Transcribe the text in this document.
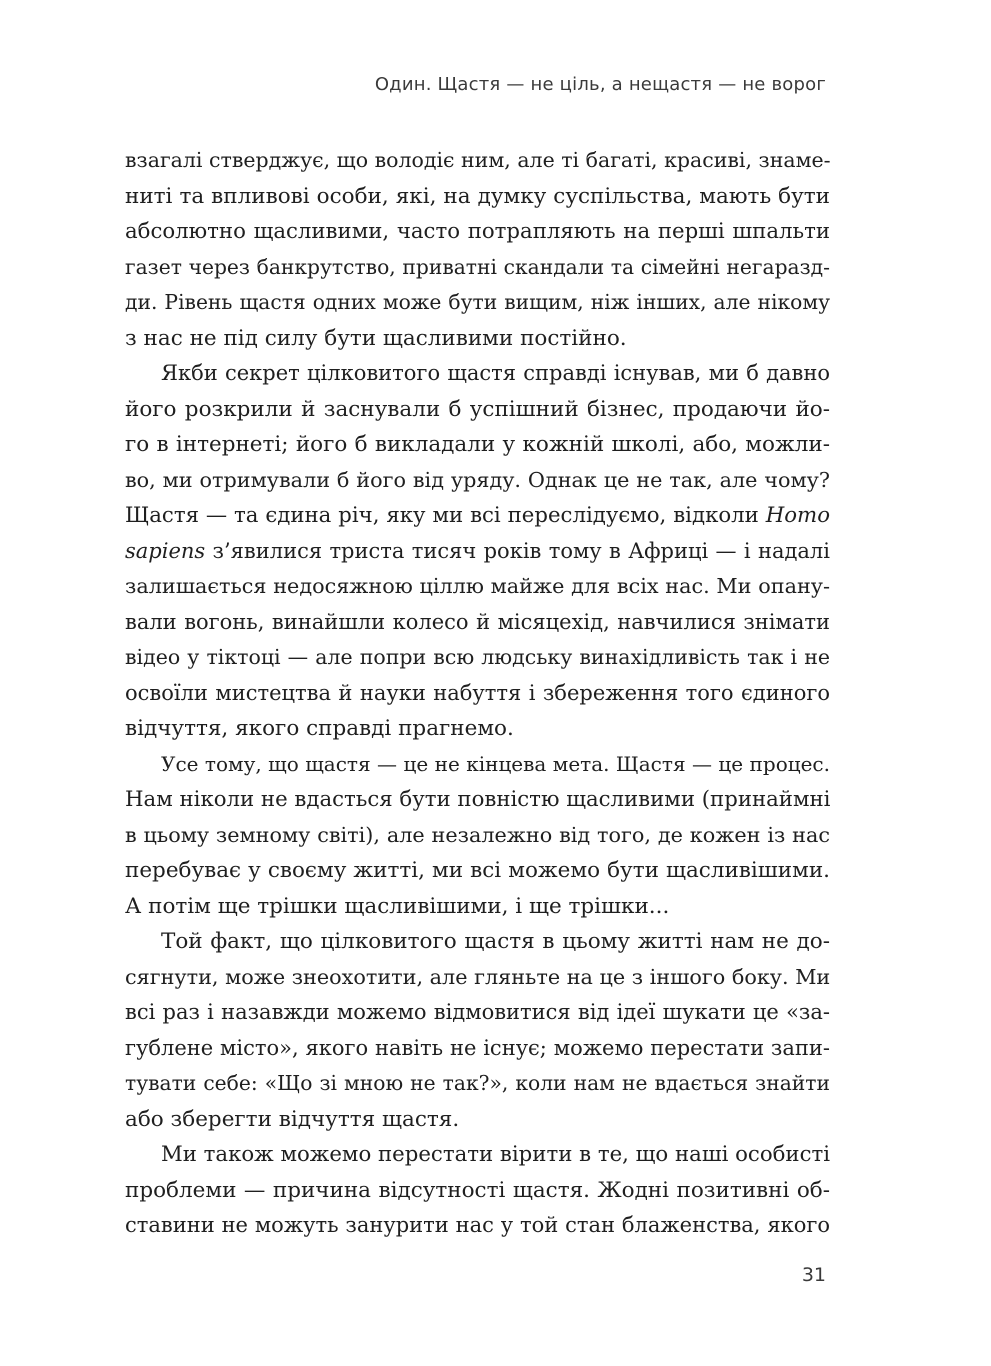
Один. Щастя — не ціль, а нещастя — не ворог
взагалі стверджує, що володіє ним, але ті багаті, красиві, знаме-
ниті та впливові особи, які, на думку суспільства, мають бути
абсолютно щасливими, часто потрапляють на перші шпальти
газет через банкрутство, приватні скандали та сімейні негаразд-
ди. Рівень щастя одних може бути вищим, ніж інших, але нікому
з нас не під силу бути щасливими постійно.
Якби секрет цілковитого щастя справді існував, ми б давно
його розкрили й заснували б успішний бізнес, продаючи йо-
го в інтернеті; його б викладали у кожній школі, або, можли-
во, ми отримували б його від уряду. Однак це не так, але чому?
Щастя — та єдина річ, яку ми всі переслідуємо, відколи Homo
sapiens з’явилися триста тисяч років тому в Африці — і надалі
залишається недосяжною ціллю майже для всіх нас. Ми опану-
вали вогонь, винайшли колесо й місяцехід, навчилися знімати
відео у тіктоці — але попри всю людську винахідливість так і не
освоїли мистецтва й науки набуття і збереження того єдиного
відчуття, якого справді прагнемо.
Усе тому, що щастя — це не кінцева мета. Щастя — це процес.
Нам ніколи не вдасться бути повністю щасливими (принаймні
в цьому земному світі), але незалежно від того, де кожен із нас
перебуває у своєму житті, ми всі можемо бути щасливішими.
А потім ще трішки щасливішими, і ще трішки...
Той факт, що цілковитого щастя в цьому житті нам не до-
сягнути, може знеохотити, але гляньте на це з іншого боку. Ми
всі раз і назавжди можемо відмовитися від ідеї шукати це «за-
гублене місто», якого навіть не існує; можемо перестати запи-
тувати себе: «Що зі мною не так?», коли нам не вдається знайти
або зберегти відчуття щастя.
Ми також можемо перестати вірити в те, що наші особисті
проблеми — причина відсутності щастя. Жодні позитивні об-
ставини не можуть занурити нас у той стан блаженства, якого
31
